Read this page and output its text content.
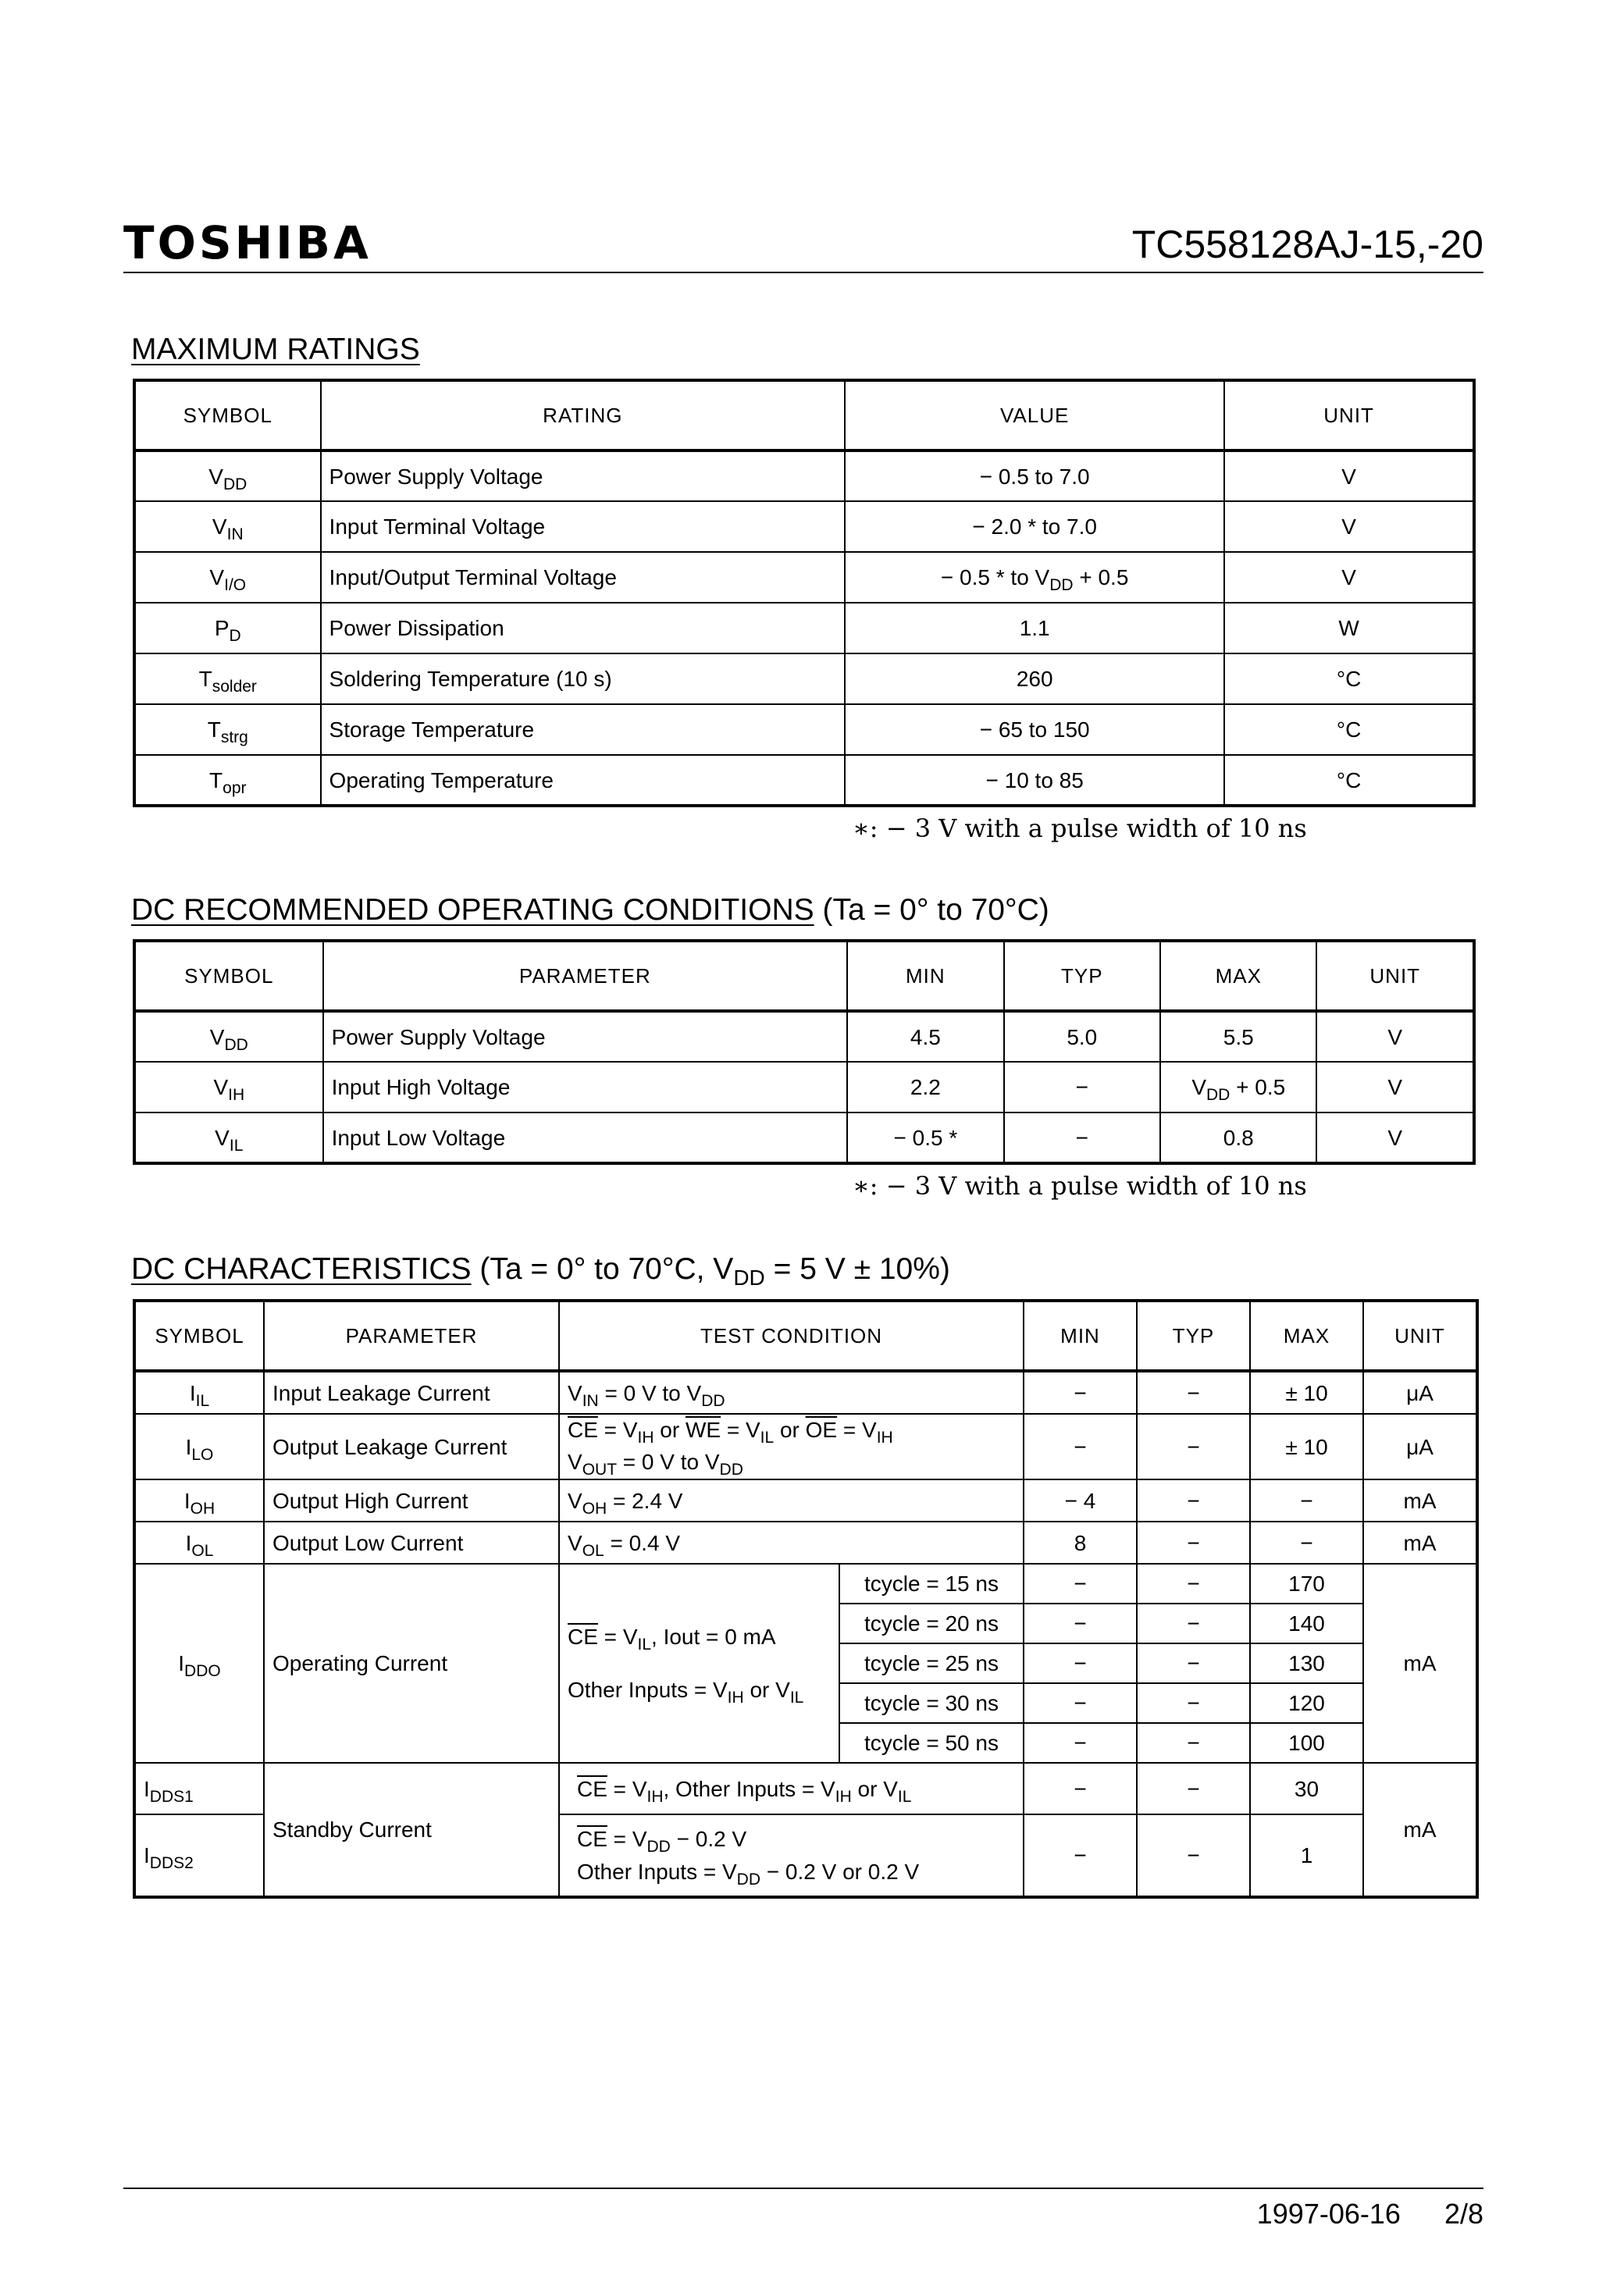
TOSHIBA	TC558128AJ-15,-20
MAXIMUM RATINGS
SYMBOL	RATING	VALUE	UNIT
$V_{DD}$	Power Supply Voltage	− 0.5 to 7.0	V
$V_{IN}$	Input Terminal Voltage	− 2.0 * to 7.0	V
$V_{I/O}$	Input/Output Terminal Voltage	− 0.5 * to $V_{DD} + 0.5$	V
$P_D$	Power Dissipation	1.1	W
$T_{solder}$	Soldering Temperature (10 s)	260	°C
$T_{strg}$	Storage Temperature	− 65 to 150	°C
$T_{opr}$	Operating Temperature	− 10 to 85	°C
∗: − 3 V with a pulse width of 10 ns
DC RECOMMENDED OPERATING CONDITIONS (Ta = 0° to 70°C)
SYMBOL	PARAMETER	MIN	TYP	MAX	UNIT
$V_{DD}$	Power Supply Voltage	4.5	5.0	5.5	V
$V_{IH}$	Input High Voltage	2.2	−	$V_{DD} + 0.5$	V
$V_{IL}$	Input Low Voltage	− 0.5 *	−	0.8	V
∗: − 3 V with a pulse width of 10 ns
DC CHARACTERISTICS (Ta = 0° to 70°C, $V_{DD} = 5$ V ± 10%)
SYMBOL	PARAMETER	TEST CONDITION		MIN	TYP	MAX	UNIT
$I_{IL}$	Input Leakage Current	$V_{IN} = 0$ V to $V_{DD}$		−	−	± 10	μA
$I_{LO}$	Output Leakage Current	$\overline{CE} = V_{IH}$ or $\overline{WE} = V_{IL}$ or $\overline{OE} = V_{IH}$
$V_{OUT} = 0$ V to $V_{DD}$		−	−	± 10	μA
$I_{OH}$	Output High Current	$V_{OH} = 2.4$ V		− 4	−	−	mA
$I_{OL}$	Output Low Current	$V_{OL} = 0.4$ V		8	−	−	mA
$I_{DDO}$	Operating Current	$\overline{CE} = V_{IL}$, Iout = 0 mA
Other Inputs = $V_{IH}$ or $V_{IL}$	tcycle = 15 ns	−	−	170	mA
			tcycle = 20 ns	−	−	140	
			tcycle = 25 ns	−	−	130	
			tcycle = 30 ns	−	−	120	
			tcycle = 50 ns	−	−	100	
$I_{DDS1}$	Standby Current	$\overline{CE} = V_{IH}$, Other Inputs = $V_{IH}$ or $V_{IL}$		−	−	30	mA
$I_{DDS2}$		$\overline{CE} = V_{DD} - 0.2$ V
Other Inputs = $V_{DD} - 0.2$ V or 0.2 V		−	−	1	
1997-06-16 2/8
